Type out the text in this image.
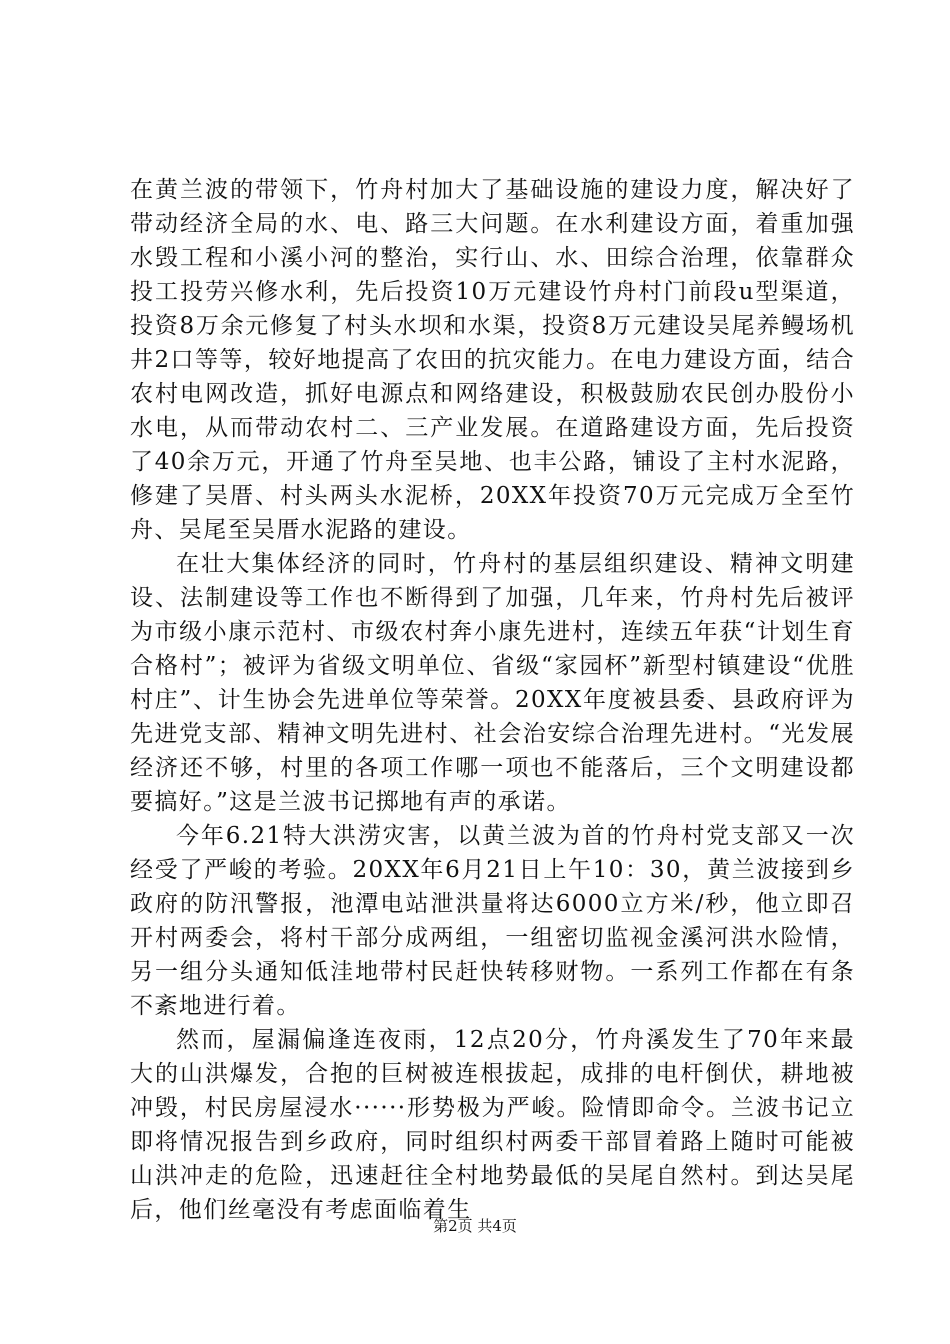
在黄兰波的带领下，竹舟村加大了基础设施的建设力度，解决好了带动经济全局的水、电、路三大问题。在水利建设方面，着重加强水毁工程和小溪小河的整治，实行山、水、田综合治理，依靠群众投工投劳兴修水利，先后投资10万元建设竹舟村门前段u型渠道，投资8万余元修复了村头水坝和水渠，投资8万元建设吴尾养鳗场机井2口等等，较好地提高了农田的抗灾能力。在电力建设方面，结合农村电网改造，抓好电源点和网络建设，积极鼓励农民创办股份小水电，从而带动农村二、三产业发展。在道路建设方面，先后投资了40余万元，开通了竹舟至吴地、也丰公路，铺设了主村水泥路，修建了吴厝、村头两头水泥桥，20XX年投资70万元完成万全至竹舟、吴尾至吴厝水泥路的建设。

在壮大集体经济的同时，竹舟村的基层组织建设、精神文明建设、法制建设等工作也不断得到了加强，几年来，竹舟村先后被评为市级小康示范村、市级农村奔小康先进村，连续五年获“计划生育合格村”；被评为省级文明单位、省级“家园杯”新型村镇建设“优胜村庄”、计生协会先进单位等荣誉。20XX年度被县委、县政府评为先进党支部、精神文明先进村、社会治安综合治理先进村。“光发展经济还不够，村里的各项工作哪一项也不能落后，三个文明建设都要搞好。”这是兰波书记掷地有声的承诺。

今年6.21特大洪涝灾害，以黄兰波为首的竹舟村党支部又一次经受了严峻的考验。20XX年6月21日上午10：30，黄兰波接到乡政府的防汛警报，池潭电站泄洪量将达6000立方米/秒，他立即召开村两委会，将村干部分成两组，一组密切监视金溪河洪水险情，另一组分头通知低洼地带村民赶快转移财物。一系列工作都在有条不紊地进行着。

然而，屋漏偏逢连夜雨，12点20分，竹舟溪发生了70年来最大的山洪爆发，合抱的巨树被连根拔起，成排的电杆倒伏，耕地被冲毁，村民房屋浸水······形势极为严峻。险情即命令。兰波书记立即将情况报告到乡政府，同时组织村两委干部冒着路上随时可能被山洪冲走的危险，迅速赶往全村地势最低的吴尾自然村。到达吴尾后，他们丝毫没有考虑面临着生

第2页 共4页
